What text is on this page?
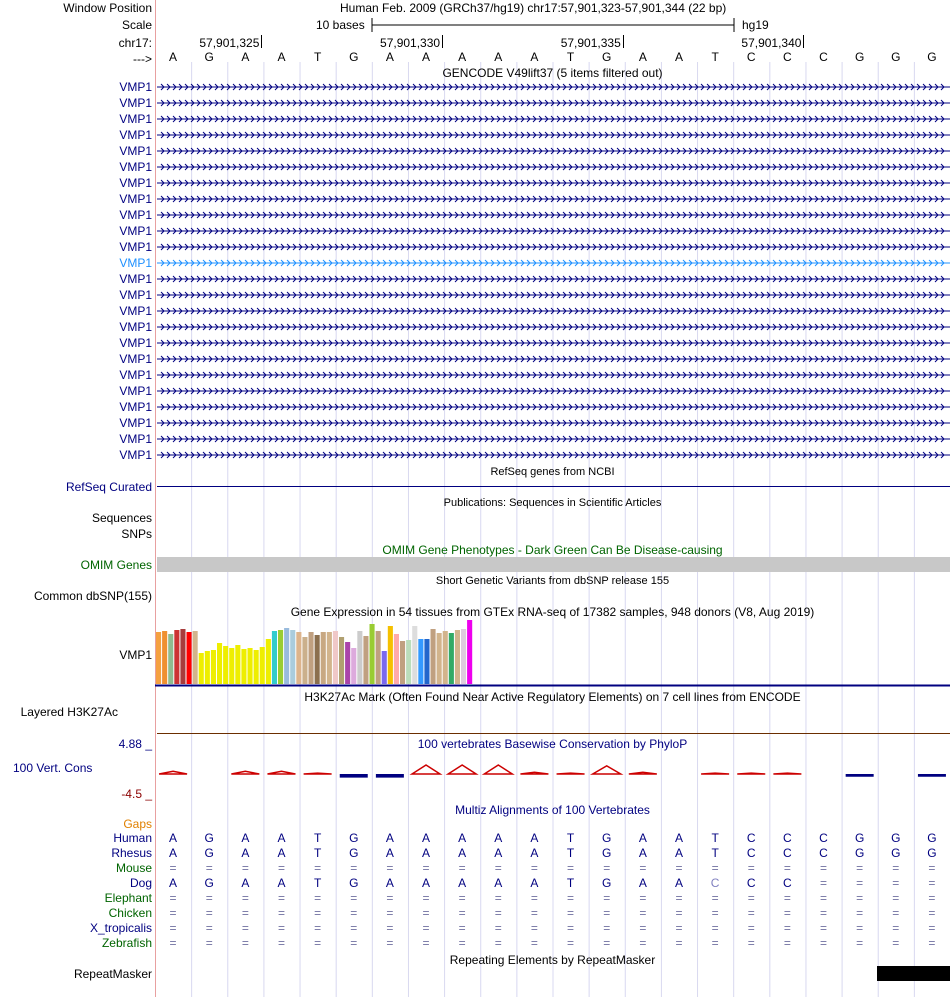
Window Position	Human Feb. 2009 (GRCh37/hg19) chr17:57,901,323-57,901,344 (22 bp)
Scale	10 bases	hg19
chr17:	57,901,325	57,901,330	57,901,335	57,901,340
---> A G A A T G A A A A A T G A A T C C C G G G
GENCODE V49lift37 (5 items filtered out)
VMP1
VMP1
VMP1
VMP1
VMP1
VMP1
VMP1
VMP1
VMP1
VMP1
VMP1
VMP1
VMP1
VMP1
VMP1
VMP1
VMP1
VMP1
VMP1
VMP1
VMP1
VMP1
VMP1
VMP1
RefSeq genes from NCBI
RefSeq Curated
Publications: Sequences in Scientific Articles
Sequences
SNPs
OMIM Gene Phenotypes - Dark Green Can Be Disease-causing
OMIM Genes
Short Genetic Variants from dbSNP release 155
Common dbSNP(155)
Gene Expression in 54 tissues from GTEx RNA-seq of 17382 samples, 948 donors (V8, Aug 2019)
VMP1
H3K27Ac Mark (Often Found Near Active Regulatory Elements) on 7 cell lines from ENCODE
Layered H3K27Ac
100 vertebrates Basewise Conservation by PhyloP
4.88 _
100 Vert. Cons
-4.5 _
Multiz Alignments of 100 Vertebrates
Gaps
Human A G A A T G A A A A A T G A A T C C C G G G
Rhesus A G A A T G A A A A A T G A A T C C C G G G
Mouse = = = = = = = = = = = = = = = = = = = = = =
Dog A G A A T G A A A A A T G A A C C C = = = =
Elephant = = = = = = = = = = = = = = = = = = = = = =
Chicken = = = = = = = = = = = = = = = = = = = = = =
X_tropicalis = = = = = = = = = = = = = = = = = = = = = =
Zebrafish = = = = = = = = = = = = = = = = = = = = = =
Repeating Elements by RepeatMasker
RepeatMasker
